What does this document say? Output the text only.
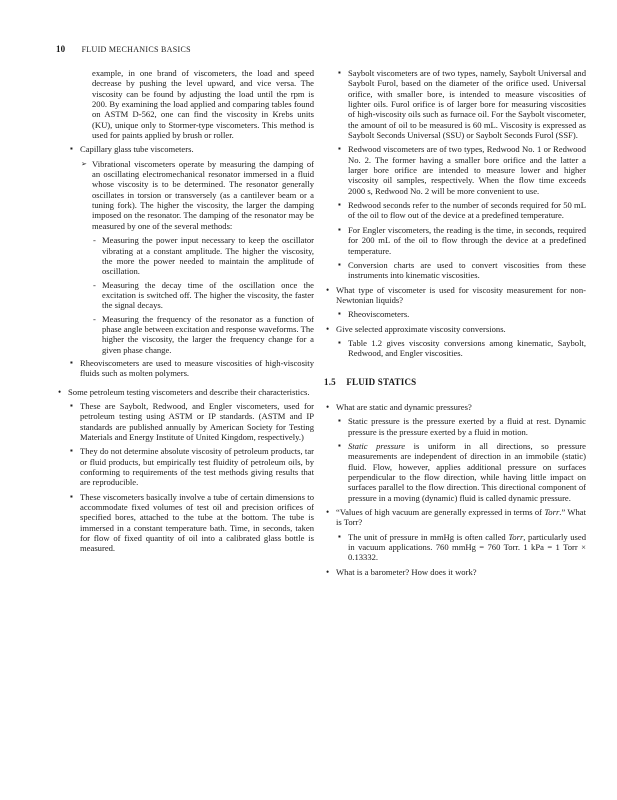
10 FLUID MECHANICS BASICS

example, in one brand of viscometers, the load and speed decrease by pushing the level upward, and vice versa. The viscosity can be found by adjusting the load until the rpm is 200. By examining the load applied and comparing tables found on ASTM D-562, one can find the viscosity in Krebs units (KU), unique only to Stormer-type viscometers. This method is used for paints applied by brush or roller.

▪ Capillary glass tube viscometers.

➢ Vibrational viscometers operate by measuring the damping of an oscillating electromechanical resonator immersed in a fluid whose viscosity is to be determined. The resonator generally oscillates in torsion or transversely (as a cantilever beam or a tuning fork). The higher the viscosity, the larger the damping imposed on the resonator. The damping of the resonator may be measured by one of the several methods:

- Measuring the power input necessary to keep the oscillator vibrating at a constant amplitude. The higher the viscosity, the more the power needed to maintain the amplitude of oscillation.

- Measuring the decay time of the oscillation once the excitation is switched off. The higher the viscosity, the faster the signal decays.

- Measuring the frequency of the resonator as a function of phase angle between excitation and response waveforms. The higher the viscosity, the larger the frequency change for a given phase change.

▪ Rheoviscometers are used to measure viscosities of high-viscosity fluids such as molten polymers.

• Some petroleum testing viscometers and describe their characteristics.

▪ These are Saybolt, Redwood, and Engler viscometers, used for petroleum testing using ASTM or IP standards. (ASTM and IP standards are published annually by American Society for Testing Materials and Energy Institute of United Kingdom, respectively.)

▪ They do not determine absolute viscosity of petroleum products, tar or fluid products, but empirically test fluidity of petroleum oils, by conforming to requirements of the test methods giving results that are reproducible.

▪ These viscometers basically involve a tube of certain dimensions to accommodate fixed volumes of test oil and precision orifices of specified bores, attached to the tube at the bottom. The tube is immersed in a constant temperature bath. Time, in seconds, taken for flow of fixed quantity of oil into a calibrated glass bottle is measured.

▪ Saybolt viscometers are of two types, namely, Saybolt Universal and Saybolt Furol, based on the diameter of the orifice used. Universal orifice, with smaller bore, is intended to measure viscosities of lighter oils. Furol orifice is of larger bore for measuring viscosities of high-viscosity oils such as furnace oil. For the Saybolt viscometer, the amount of oil to be measured is 60 mL. Viscosity is expressed as Saybolt Seconds Universal (SSU) or Saybolt Seconds Furol (SSF).

▪ Redwood viscometers are of two types, Redwood No. 1 or Redwood No. 2. The former having a smaller bore orifice and the latter a larger bore orifice are intended to measure lower and higher viscosity oil samples, respectively. When the flow time exceeds 2000 s, Redwood No. 2 will be more convenient to use.

▪ Redwood seconds refer to the number of seconds required for 50 mL of the oil to flow out of the device at a predefined temperature.

▪ For Engler viscometers, the reading is the time, in seconds, required for 200 mL of the oil to flow through the device at a predefined temperature.

▪ Conversion charts are used to convert viscosities from these instruments into kinematic viscosities.

• What type of viscometer is used for viscosity measurement for non-Newtonian liquids?

▪ Rheoviscometers.

• Give selected approximate viscosity conversions.

▪ Table 1.2 gives viscosity conversions among kinematic, Saybolt, Redwood, and Engler viscosities.

1.5 FLUID STATICS

• What are static and dynamic pressures?

▪ Static pressure is the pressure exerted by a fluid at rest. Dynamic pressure is the pressure exerted by a fluid in motion.

▪ Static pressure is uniform in all directions, so pressure measurements are independent of direction in an immobile (static) fluid. Flow, however, applies additional pressure on surfaces perpendicular to the flow direction, while having little impact on surfaces parallel to the flow direction. This directional component of pressure in a moving (dynamic) fluid is called dynamic pressure.

• “Values of high vacuum are generally expressed in terms of Torr.” What is Torr?

▪ The unit of pressure in mmHg is often called Torr, particularly used in vacuum applications. 760 mmHg = 760 Torr. 1 kPa = 1 Torr × 0.13332.

• What is a barometer? How does it work?
